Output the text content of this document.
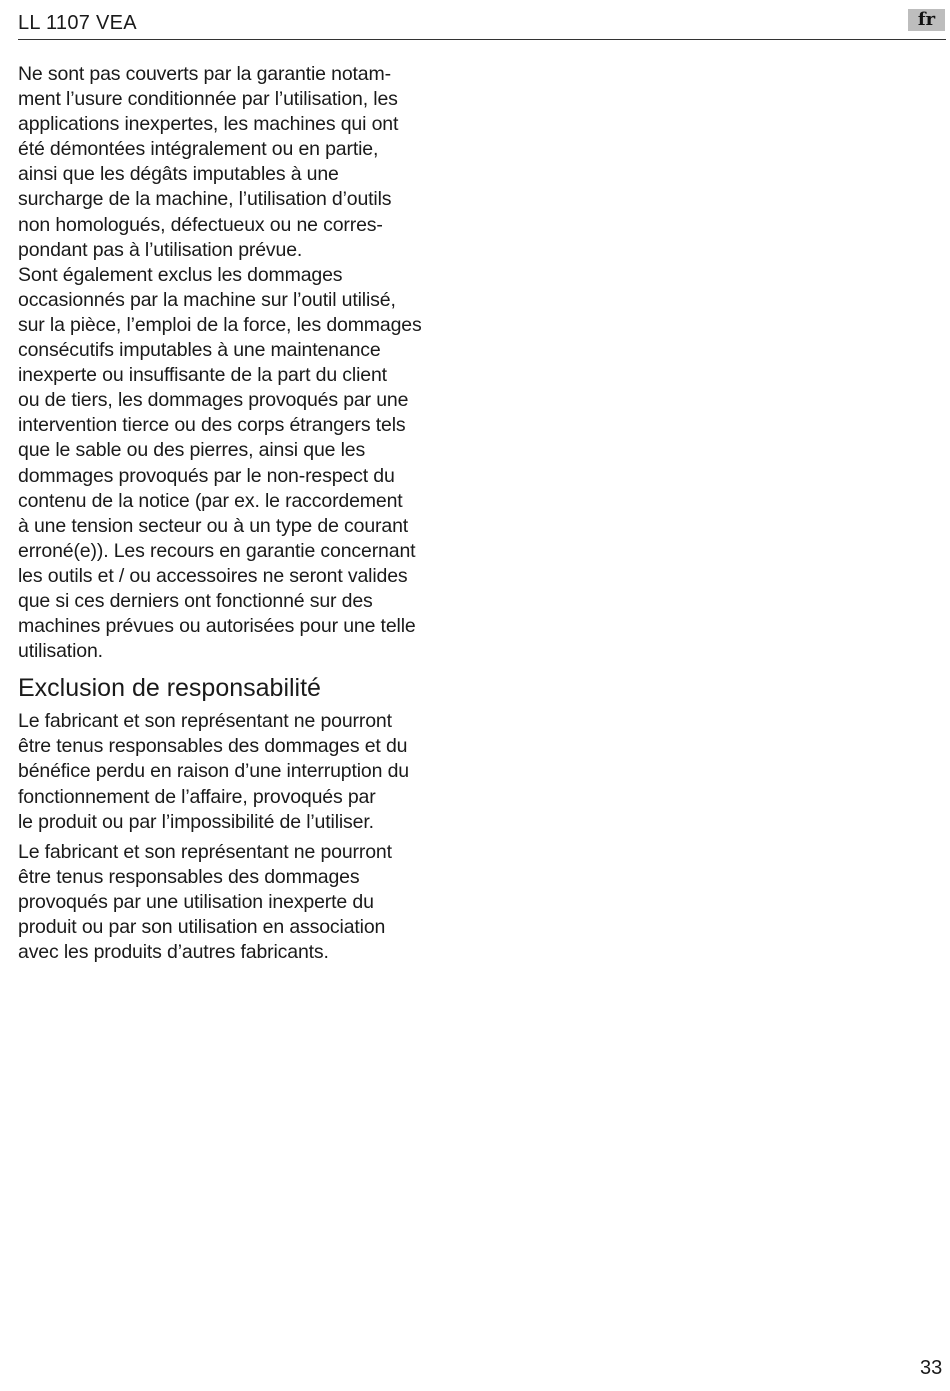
LL 1107 VEA	fr

Ne sont pas couverts par la garantie notam-
ment l’usure conditionnée par l’utilisation, les
applications inexpertes, les machines qui ont
été démontées intégralement ou en partie,
ainsi que les dégâts imputables à une
surcharge de la machine, l’utilisation d’outils
non homologués, défectueux ou ne corres-
pondant pas à l’utilisation prévue.

Sont également exclus les dommages
occasionnés par la machine sur l’outil utilisé,
sur la pièce, l’emploi de la force, les dommages
consécutifs imputables à une maintenance
inexperte ou insuffisante de la part du client
ou de tiers, les dommages provoqués par une
intervention tierce ou des corps étrangers tels
que le sable ou des pierres, ainsi que les
dommages provoqués par le non-respect du
contenu de la notice (par ex. le raccordement
à une tension secteur ou à un type de courant
erroné(e)). Les recours en garantie concernant
les outils et / ou accessoires ne seront valides
que si ces derniers ont fonctionné sur des
machines prévues ou autorisées pour une telle
utilisation.

Exclusion de responsabilité

Le fabricant et son représentant ne pourront
être tenus responsables des dommages et du
bénéfice perdu en raison d’une interruption du
fonctionnement de l’affaire, provoqués par
le produit ou par l’impossibilité de l’utiliser.

Le fabricant et son représentant ne pourront
être tenus responsables des dommages
provoqués par une utilisation inexperte du
produit ou par son utilisation en association
avec les produits d’autres fabricants.

33
